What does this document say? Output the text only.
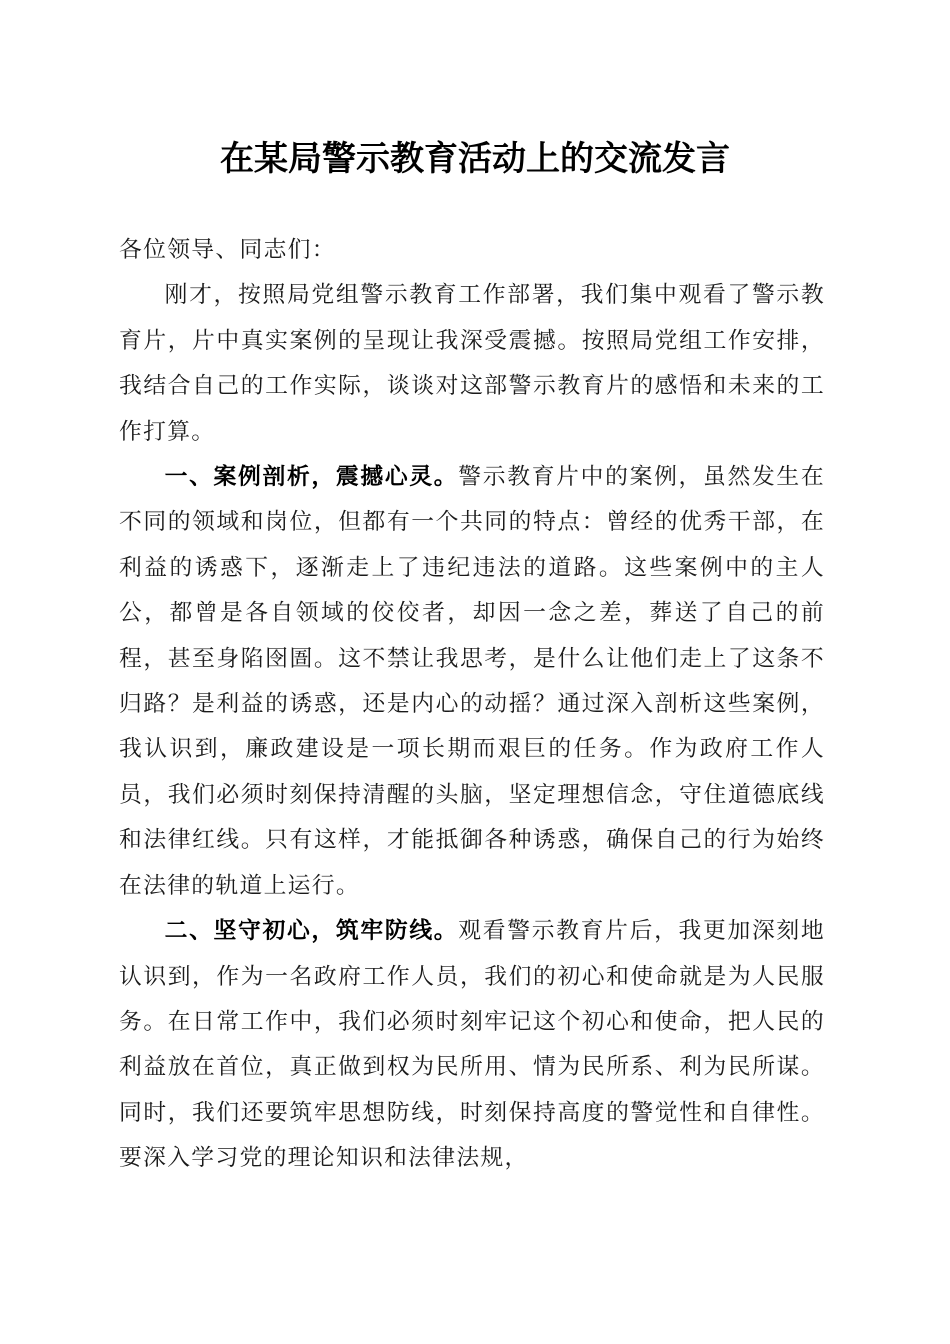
在某局警示教育活动上的交流发言

各位领导、同志们：

刚才，按照局党组警示教育工作部署，我们集中观看了警示教育片，片中真实案例的呈现让我深受震撼。按照局党组工作安排，我结合自己的工作实际，谈谈对这部警示教育片的感悟和未来的工作打算。

一、案例剖析，震撼心灵。警示教育片中的案例，虽然发生在不同的领域和岗位，但都有一个共同的特点：曾经的优秀干部，在利益的诱惑下，逐渐走上了违纪违法的道路。这些案例中的主人公，都曾是各自领域的佼佼者，却因一念之差，葬送了自己的前程，甚至身陷囹圄。这不禁让我思考，是什么让他们走上了这条不归路？是利益的诱惑，还是内心的动摇？通过深入剖析这些案例，我认识到，廉政建设是一项长期而艰巨的任务。作为政府工作人员，我们必须时刻保持清醒的头脑，坚定理想信念，守住道德底线和法律红线。只有这样，才能抵御各种诱惑，确保自己的行为始终在法律的轨道上运行。

二、坚守初心，筑牢防线。观看警示教育片后，我更加深刻地认识到，作为一名政府工作人员，我们的初心和使命就是为人民服务。在日常工作中，我们必须时刻牢记这个初心和使命，把人民的利益放在首位，真正做到权为民所用、情为民所系、利为民所谋。同时，我们还要筑牢思想防线，时刻保持高度的警觉性和自律性。要深入学习党的理论知识和法律法规，
